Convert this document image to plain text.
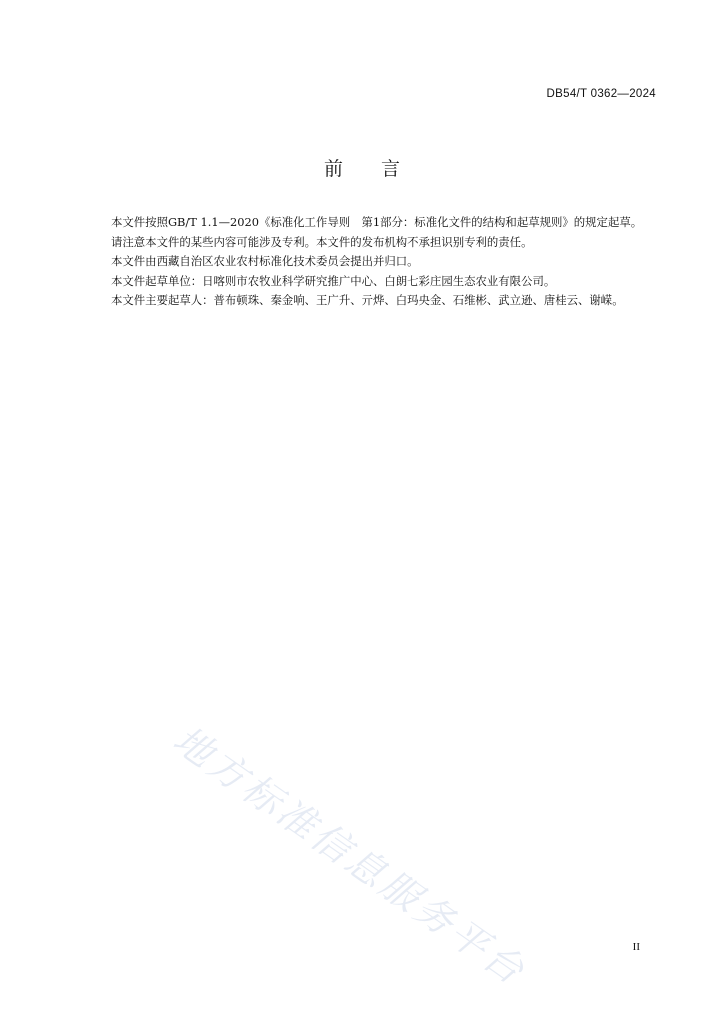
DB54/T 0362—2024
前言

本文件按照GB/T 1.1—2020《标准化工作导则　第1部分：标准化文件的结构和起草规则》的规定起草。

请注意本文件的某些内容可能涉及专利。本文件的发布机构不承担识别专利的责任。

本文件由西藏自治区农业农村标准化技术委员会提出并归口。

本文件起草单位：日喀则市农牧业科学研究推广中心、白朗七彩庄园生态农业有限公司。

本文件主要起草人：普布顿珠、秦金响、王广升、亓烨、白玛央金、石维彬、武立逊、唐桂云、谢嵘。

地方标准信息服务平台	II
